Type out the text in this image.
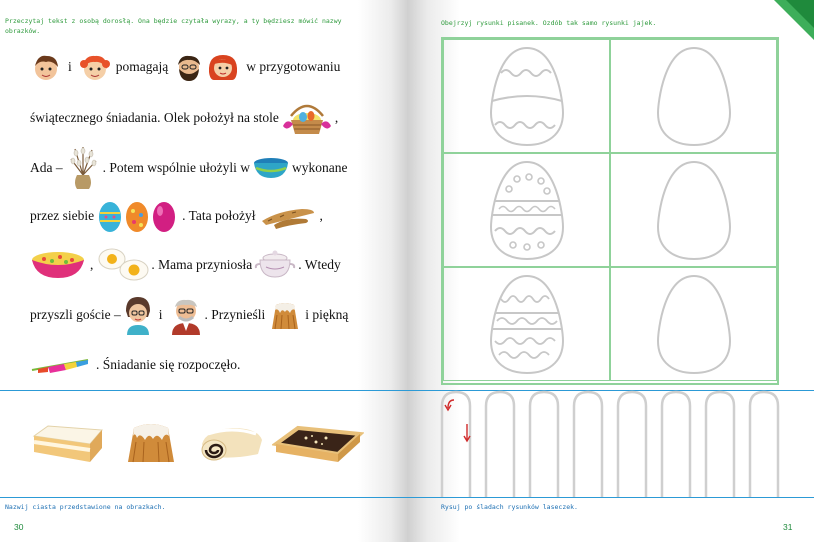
Przeczytaj tekst z osobą dorosłą. Ona będzie czytała wyrazy, a ty będziesz mówić nazwy obrazków.
i	pomagają	w przygotowaniu
świątecznego śniadania. Olek położył na stole	,
Ada –	. Potem wspólnie ułożyli w	wykonane
przez siebie	. Tata położył	,
,	. Mama przyniosła	. Wtedy
przyszli goście –	i	. Przynieśli	i piękną
. Śniadanie się rozpoczęło.
Nazwij ciasta przedstawione na obrazkach.
30
Obejrzyj rysunki pisanek. Ozdób tak samo rysunki jajek.
Rysuj po śladach rysunków laseczek.
31
